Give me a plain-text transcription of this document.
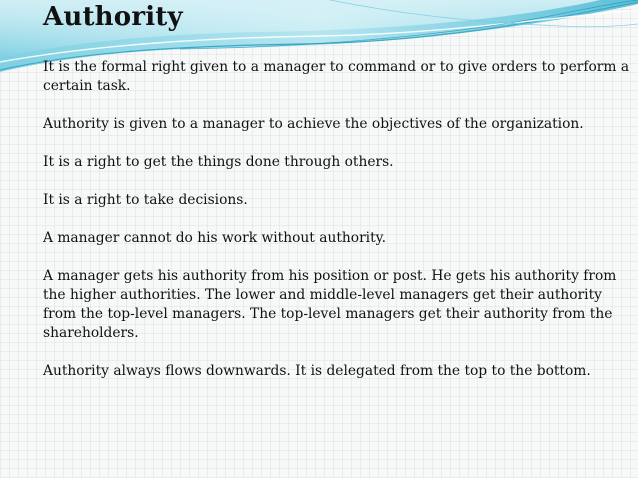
Authority

It is the formal right given to a manager to command or to give orders to perform a certain task.

Authority is given to a manager to achieve the objectives of the organization.

It is a right to get the things done through others.

It is a right to take decisions.

A manager cannot do his work without authority.

A manager gets his authority from his position or post. He gets his authority from the higher authorities. The lower and middle-level managers get their authority from the top-level managers. The top-level managers get their authority from the shareholders.

Authority always flows downwards. It is delegated from the top to the bottom.
